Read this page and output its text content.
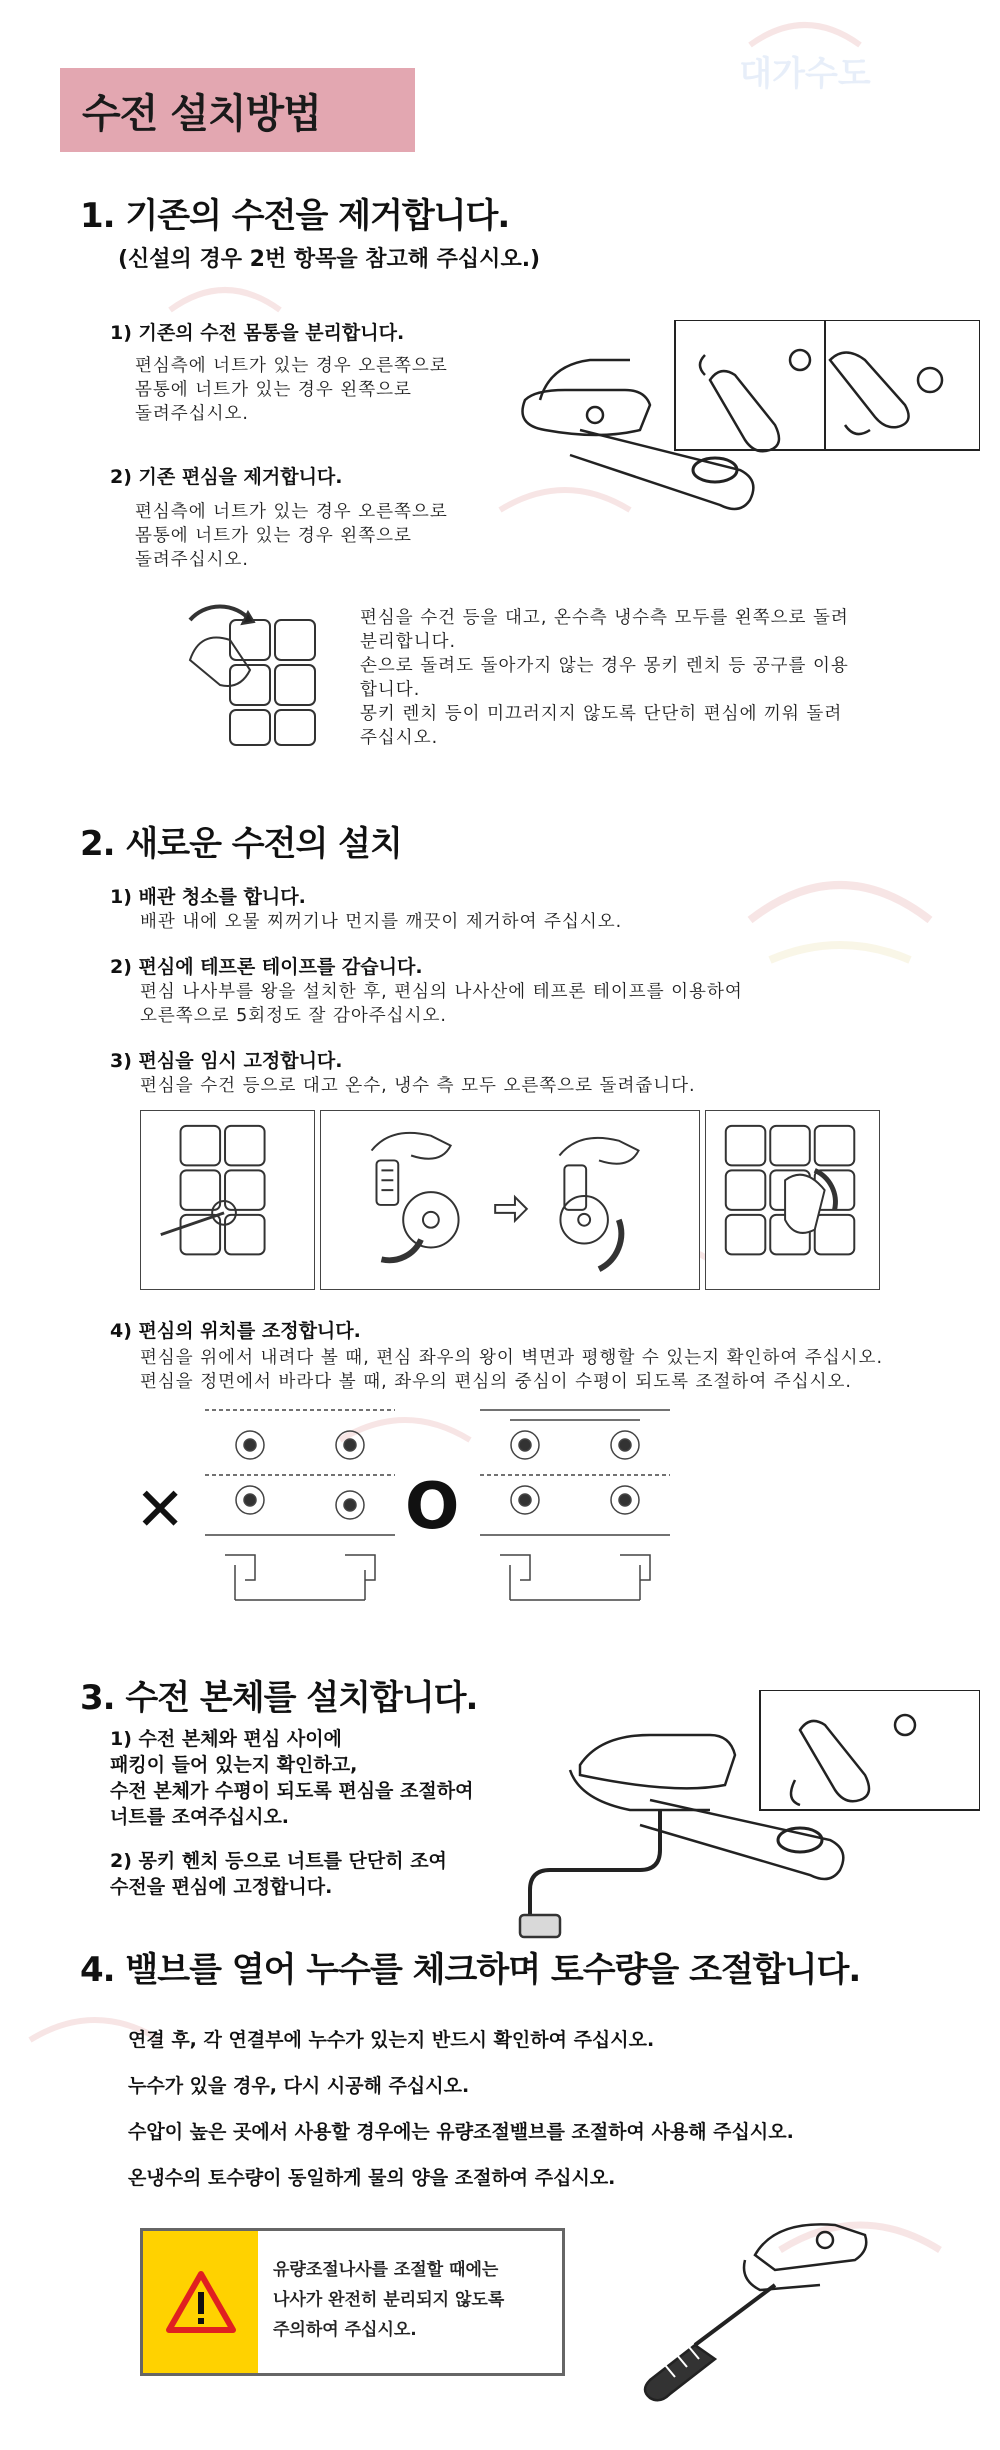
대가수도
수전 설치방법
1. 기존의 수전을 제거합니다.
(신설의 경우 2번 항목을 참고해 주십시오.)
1) 기존의 수전 몸통을 분리합니다.
편심측에 너트가 있는 경우 오른쪽으로
몸통에 너트가 있는 경우 왼쪽으로
돌려주십시오.
2) 기존 편심을 제거합니다.
편심측에 너트가 있는 경우 오른쪽으로
몸통에 너트가 있는 경우 왼쪽으로
돌려주십시오.
편심을 수건 등을 대고, 온수측 냉수측 모두를 왼쪽으로 돌려
분리합니다.
손으로 돌려도 돌아가지 않는 경우 몽키 렌치 등 공구를 이용
합니다.
몽키 렌치 등이 미끄러지지 않도록 단단히 편심에 끼워 돌려
주십시오.
2. 새로운 수전의 설치
1) 배관 청소를 합니다.
배관 내에 오물 찌꺼기나 먼지를 깨끗이 제거하여 주십시오.
2) 편심에 테프론 테이프를 감습니다.
편심 나사부를 왕을 설치한 후, 편심의 나사산에 테프론 테이프를 이용하여
오른쪽으로 5회정도 잘 감아주십시오.
3) 편심을 임시 고정합니다.
편심을 수건 등으로 대고 온수, 냉수 측 모두 오른쪽으로 돌려줍니다.
4) 편심의 위치를 조정합니다.
편심을 위에서 내려다 볼 때, 편심 좌우의 왕이 벽면과 평행할 수 있는지 확인하여 주십시오.
편심을 정면에서 바라다 볼 때, 좌우의 편심의 중심이 수평이 되도록 조절하여 주십시오.
✕	O
3. 수전 본체를 설치합니다.
1) 수전 본체와 편심 사이에
패킹이 들어 있는지 확인하고,
수전 본체가 수평이 되도록 편심을 조절하여
너트를 조여주십시오.
2) 몽키 헨치 등으로 너트를 단단히 조여
수전을 편심에 고정합니다.
4. 밸브를 열어 누수를 체크하며 토수량을 조절합니다.
연결 후, 각 연결부에 누수가 있는지 반드시 확인하여 주십시오.
누수가 있을 경우, 다시 시공해 주십시오.
수압이 높은 곳에서 사용할 경우에는 유량조절밸브를 조절하여 사용해 주십시오.
온냉수의 토수량이 동일하게 물의 양을 조절하여 주십시오.
유량조절나사를 조절할 때에는
나사가 완전히 분리되지 않도록
주의하여 주십시오.
